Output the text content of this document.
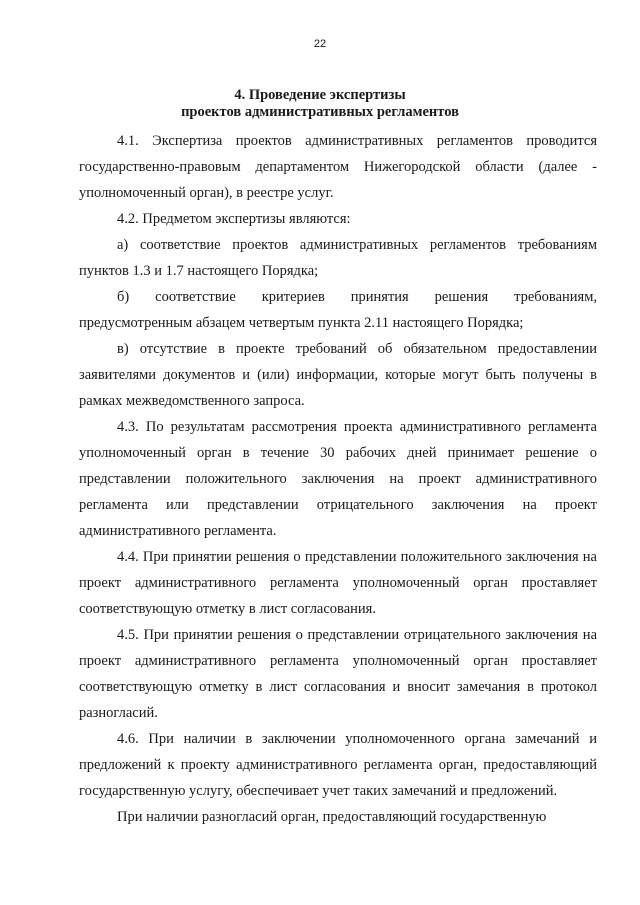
22
4. Проведение экспертизы
проектов административных регламентов

4.1. Экспертиза проектов административных регламентов проводится государственно-правовым департаментом Нижегородской области (далее - уполномоченный орган), в реестре услуг.

4.2. Предметом экспертизы являются:

а) соответствие проектов административных регламентов требованиям пунктов 1.3 и 1.7 настоящего Порядка;

б) соответствие критериев принятия решения требованиям, предусмотренным абзацем четвертым пункта 2.11 настоящего Порядка;

в) отсутствие в проекте требований об обязательном предоставлении заявителями документов и (или) информации, которые могут быть получены в рамках межведомственного запроса.

4.3. По результатам рассмотрения проекта административного регламента уполномоченный орган в течение 30 рабочих дней принимает решение о представлении положительного заключения на проект административного регламента или представлении отрицательного заключения на проект административного регламента.

4.4. При принятии решения о представлении положительного заключения на проект административного регламента уполномоченный орган проставляет соответствующую отметку в лист согласования.

4.5. При принятии решения о представлении отрицательного заключения на проект административного регламента уполномоченный орган проставляет соответствующую отметку в лист согласования и вносит замечания в протокол разногласий.

4.6. При наличии в заключении уполномоченного органа замечаний и предложений к проекту административного регламента орган, предоставляющий государственную услугу, обеспечивает учет таких замечаний и предложений.

При наличии разногласий орган, предоставляющий государственную
